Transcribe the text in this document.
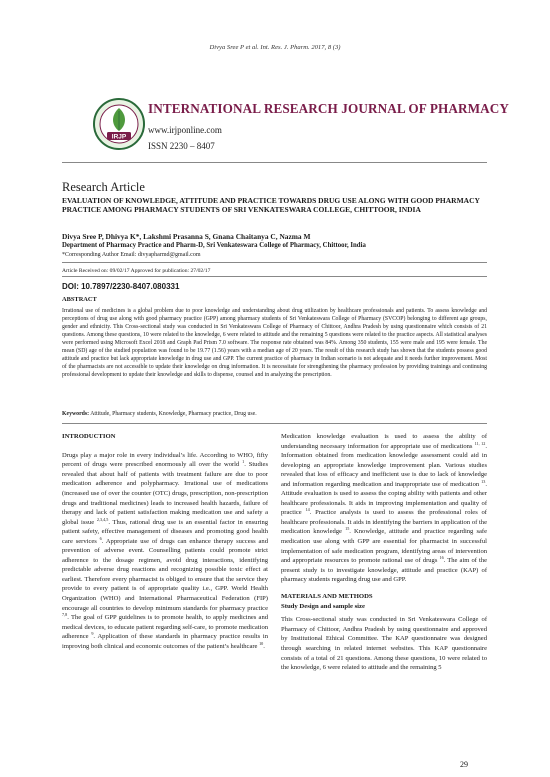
Divya Sree P et al. Int. Res. J. Pharm. 2017, 8 (3)
IRJP
INTERNATIONAL RESEARCH JOURNAL OF PHARMACY
www.irjponline.com
ISSN 2230 – 8407
Research Article
EVALUATION OF KNOWLEDGE, ATTITUDE AND PRACTICE TOWARDS DRUG USE ALONG WITH GOOD PHARMACY PRACTICE AMONG PHARMACY STUDENTS OF SRI VENKATESWARA COLLEGE, CHITTOOR, INDIA
Divya Sree P, Dhivya K*, Lakshmi Prasanna S, Gnana Chaitanya C, Nazma M
Department of Pharmacy Practice and Pharm-D, Sri Venkateswara College of Pharmacy, Chittoor, India
*Corresponding Author Email: divyapharmd@gmail.com
Article Received on: 09/02/17 Approved for publication: 27/02/17
DOI: 10.7897/2230-8407.080331
ABSTRACT
Irrational use of medicines is a global problem due to poor knowledge and understanding about drug utilization by healthcare professionals and patients. To assess knowledge and perceptions of drug use along with good pharmacy practice (GPP) among pharmacy students of Sri Venkateswara College of Pharmacy (SVCOP) belonging to different age groups, gender and ethnicity. This Cross-sectional study was conducted in Sri Venkateswara College of Pharmacy of Chittoor, Andhra Pradesh by using questionnaire which consists of 21 questions. Among these questions, 10 were related to the knowledge, 6 were related to attitude and the remaining 5 questions were related to the practice aspects. All statistical analyses were performed using Microsoft Excel 2018 and Graph Pad Prism 7.0 software. The response rate obtained was 84%. Among 350 students, 155 were male and 195 were female. The mean (SD) age of the studied population was found to be 19.77 (1.56) years with a median age of 20 years. The result of this research study has shown that the students possess good attitude and practice but lack appropriate knowledge in drug use and GPP. The current practice of pharmacy in Indian scenario is not adequate and it needs further improvement. Most of the pharmacists are not accessible to update their knowledge on drug information. It is necessitate for strengthening the pharmacy profession by providing trainings and continuing professional development to update their knowledge and skills to dispense, counsel and in analyzing the prescription.
Keywords: Attitude, Pharmacy students, Knowledge, Pharmacy practice, Drug use.
INTRODUCTION

Drugs play a major role in every individual’s life. According to WHO, fifty percent of drugs were prescribed enormously all over the world $^1$. Studies revealed that about half of patients with treatment failure are due to poor medication adherence and polypharmacy. Irrational use of medications (increased use of over the counter (OTC) drugs, prescription, non-prescription drugs and traditional medicines) leads to increased health hazards, failure of therapy and lack of patient satisfaction making medication use and safety a global issue $^{2,3,4,5}$. Thus, rational drug use is an essential factor in ensuring patient safety, effective management of diseases and promoting good health care services $^6$. Appropriate use of drugs can enhance therapy success and prevention of adverse event. Counselling patients could promote strict adherence to the dosage regimen, avoid drug interactions, identifying predictable adverse drug reactions and recognizing possible toxic effect at earliest. Therefore every pharmacist is obliged to ensure that the service they provide to every patient is of appropriate quality i.e., GPP. World Health Organization (WHO) and International Pharmaceutical Federation (FIP) encourage all countries to develop minimum standards for pharmacy practice $^{7,8}$. The goal of GPP guidelines is to promote health, to apply medicines and medical devices, to educate patient regarding self-care, to promote medication adherence $^9$. Application of these standards in pharmacy practice results in improving both clinical and economic outcomes of the patient’s healthcare $^{10}$.

Medication knowledge evaluation is used to assess the ability of understanding necessary information for appropriate use of medications $^{11, 12}$. Information obtained from medication knowledge assessment could aid in developing an appropriate knowledge improvement plan. Various studies revealed that loss of efficacy and inefficient use is due to lack of knowledge and information regarding medication and inappropriate use of medication $^{13}$. Attitude evaluation is used to assess the coping ability with patients and other healthcare professionals. It aids in improving implementation and quality of practice $^{14}$. Practice analysis is used to assess the professional roles of healthcare professionals. It aids in identifying the barriers in application of the medication knowledge $^{15}$. Knowledge, attitude and practice regarding safe medication use along with GPP are essential for pharmacist in successful implementation of safe medication program, identifying areas of intervention and appropriate resources to promote rational use of drugs $^{16}$. The aim of the present study is to investigate knowledge, attitude and practice (KAP) of pharmacy students regarding drug use and GPP.

MATERIALS AND METHODS
Study Design and sample size

This Cross-sectional study was conducted in Sri Venkateswara College of Pharmacy of Chittoor, Andhra Pradesh by using questionnaire and approved by Institutional Ethical Committee. The KAP questionnaire was designed through searching in related internet websites. This KAP questionnaire consists of a total of 21 questions. Among these questions, 10 were related to the knowledge, 6 were related to attitude and the remaining 5

29
